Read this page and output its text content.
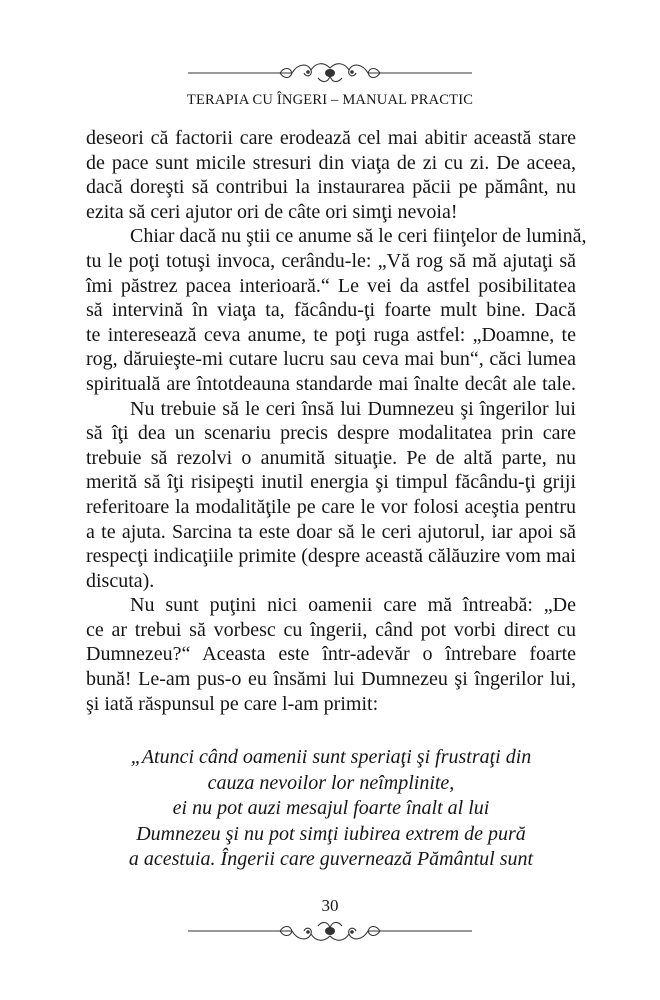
TERAPIA CU ÎNGERI – MANUAL PRACTIC
deseori că factorii care erodează cel mai abitir această stare
de pace sunt micile stresuri din viaţa de zi cu zi. De aceea,
dacă doreşti să contribui la instaurarea păcii pe pământ, nu
ezita să ceri ajutor ori de câte ori simţi nevoia!
Chiar dacă nu ştii ce anume să le ceri fiinţelor de lumină,
tu le poţi totuşi invoca, cerându-le: „Vă rog să mă ajutaţi să
îmi păstrez pacea interioară.“ Le vei da astfel posibilitatea
să intervină în viaţa ta, făcându-ţi foarte mult bine. Dacă
te interesează ceva anume, te poţi ruga astfel: „Doamne, te
rog, dăruieşte-mi cutare lucru sau ceva mai bun“, căci lumea
spirituală are întotdeauna standarde mai înalte decât ale tale.
Nu trebuie să le ceri însă lui Dumnezeu şi îngerilor lui
să îţi dea un scenariu precis despre modalitatea prin care
trebuie să rezolvi o anumită situaţie. Pe de altă parte, nu
merită să îţi risipeşti inutil energia şi timpul făcându-ţi griji
referitoare la modalităţile pe care le vor folosi aceştia pentru
a te ajuta. Sarcina ta este doar să le ceri ajutorul, iar apoi să
respecţi indicaţiile primite (despre această călăuzire vom mai
discuta).
Nu sunt puţini nici oamenii care mă întreabă: „De
ce ar trebui să vorbesc cu îngerii, când pot vorbi direct cu
Dumnezeu?“ Aceasta este într-adevăr o întrebare foarte
bună! Le-am pus-o eu însămi lui Dumnezeu şi îngerilor lui,
şi iată răspunsul pe care l-am primit:
„Atunci când oamenii sunt speriaţi şi frustraţi din
cauza nevoilor lor neîmplinite,
ei nu pot auzi mesajul foarte înalt al lui
Dumnezeu şi nu pot simţi iubirea extrem de pură
a acestuia. Îngerii care guvernează Pământul sunt
30
